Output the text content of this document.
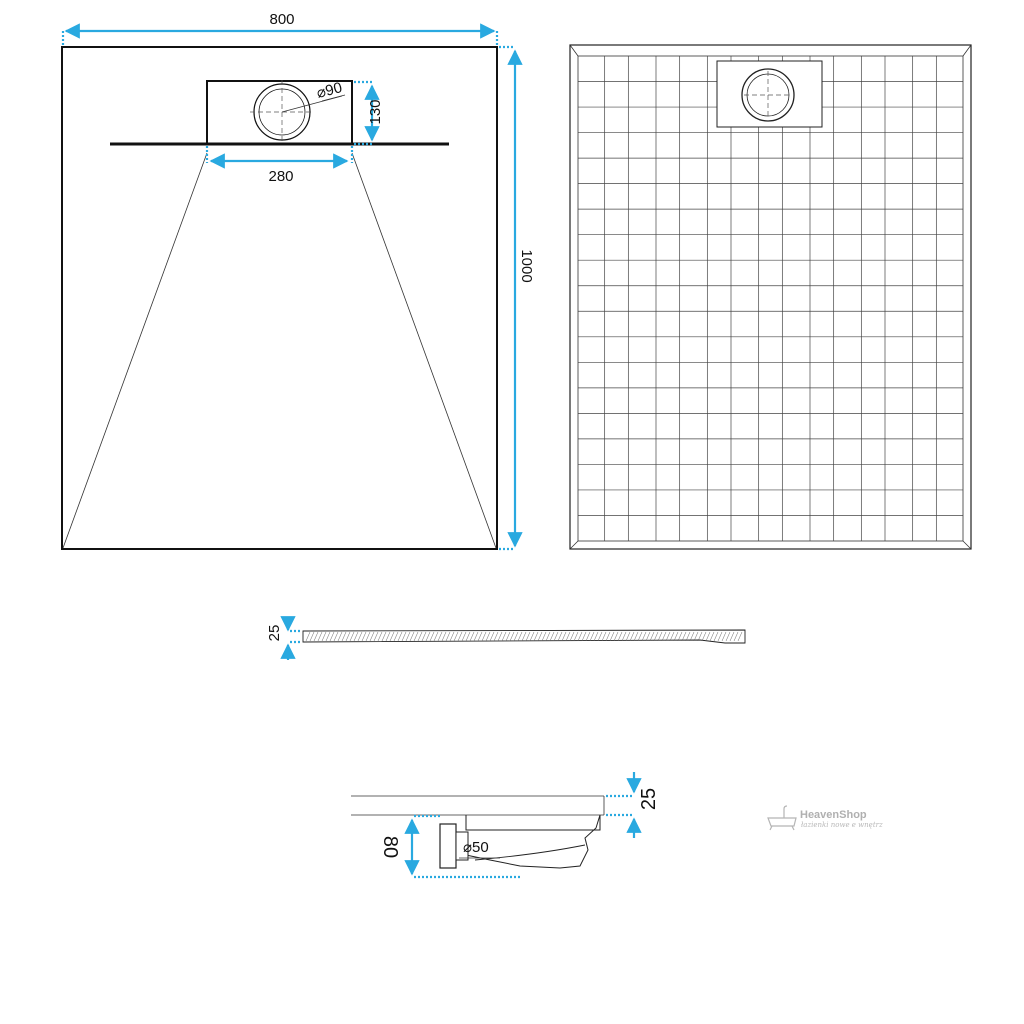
⌀90
800
1000
130
280
25
⌀50
80
25
HeavenShop
łazienki nowe e wnętrz
